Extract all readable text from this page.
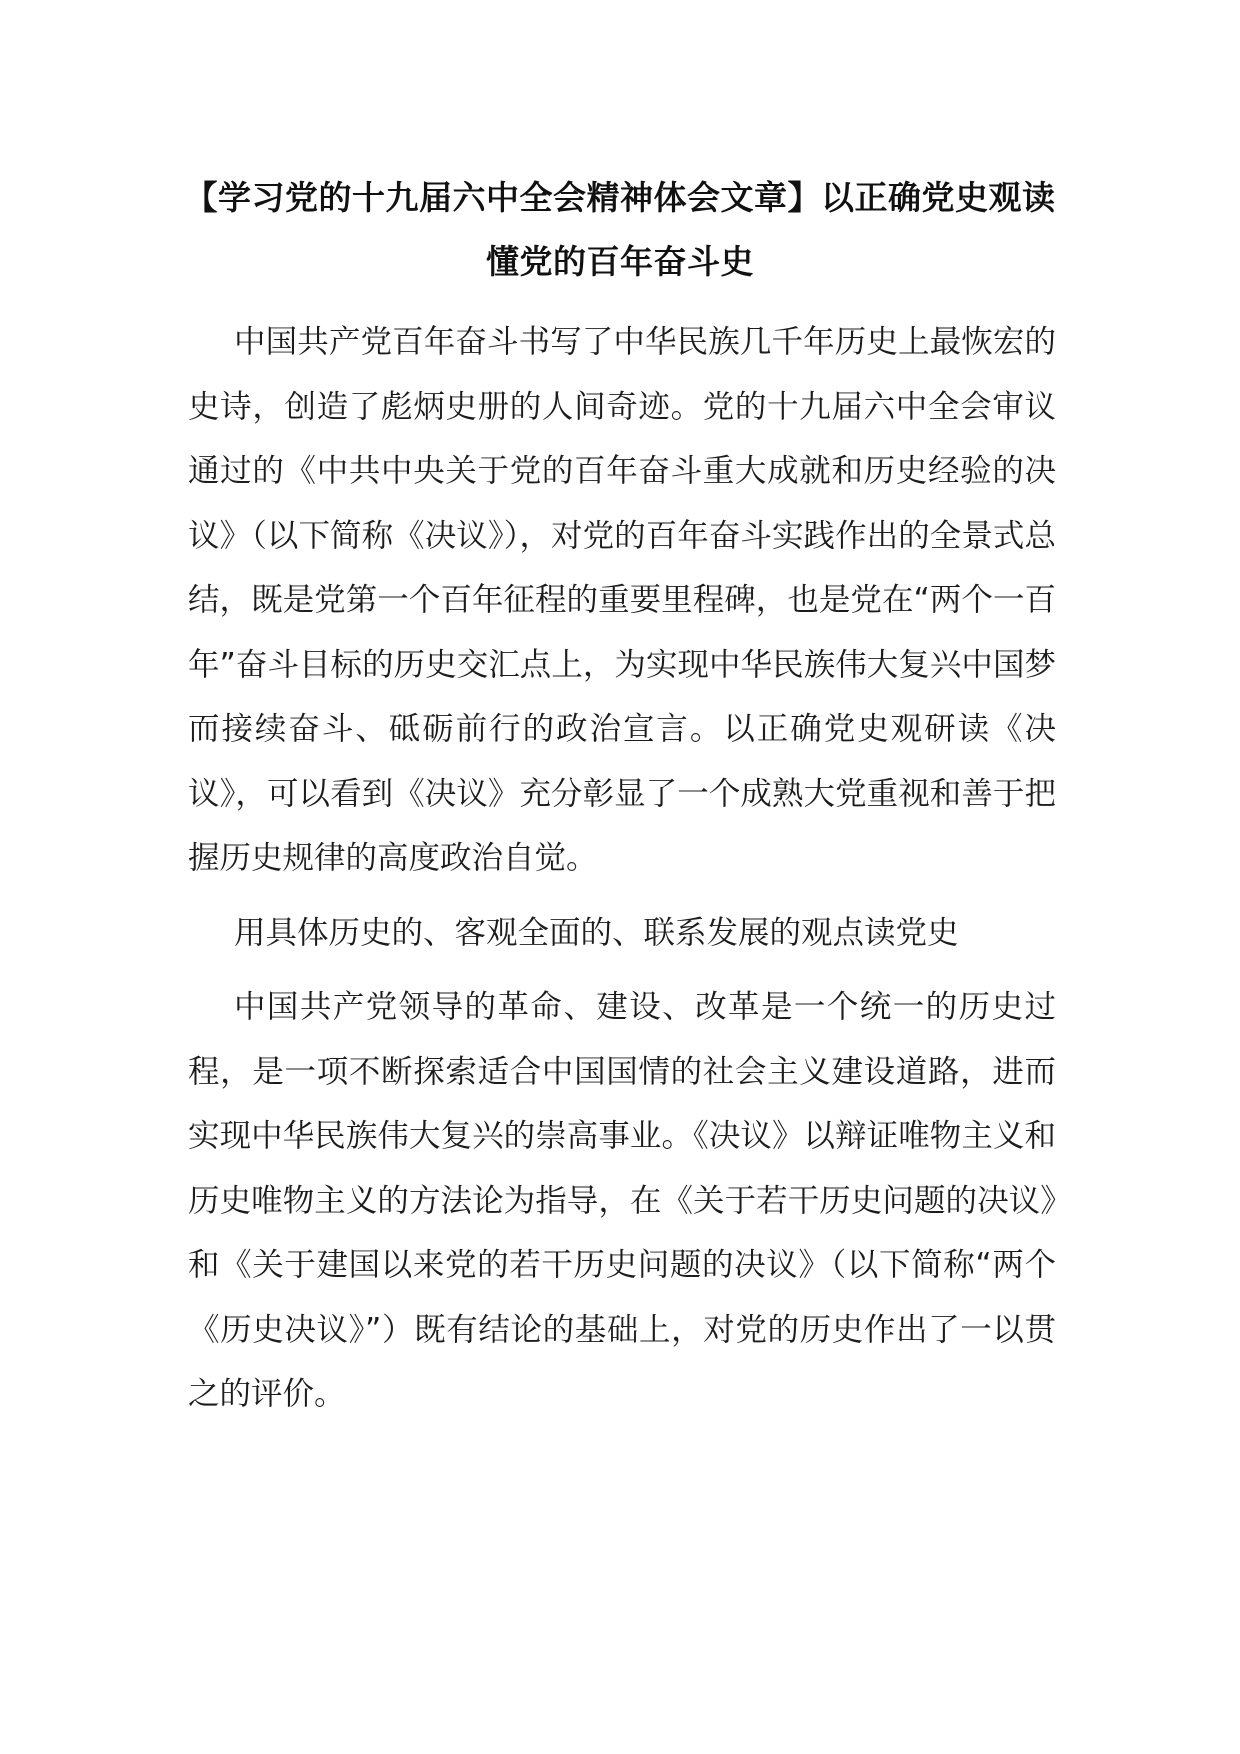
【学习党的十九届六中全会精神体会文章】以正确党史观读
懂党的百年奋斗史

中国共产党百年奋斗书写了中华民族几千年历史上最恢宏的史诗，创造了彪炳史册的人间奇迹。党的十九届六中全会审议通过的《中共中央关于党的百年奋斗重大成就和历史经验的决议》（以下简称《决议》），对党的百年奋斗实践作出的全景式总结，既是党第一个百年征程的重要里程碑，也是党在“两个一百年”奋斗目标的历史交汇点上，为实现中华民族伟大复兴中国梦而接续奋斗、砥砺前行的政治宣言。以正确党史观研读《决议》，可以看到《决议》充分彰显了一个成熟大党重视和善于把握历史规律的高度政治自觉。

用具体历史的、客观全面的、联系发展的观点读党史

中国共产党领导的革命、建设、改革是一个统一的历史过程，是一项不断探索适合中国国情的社会主义建设道路，进而实现中华民族伟大复兴的崇高事业。《决议》以辩证唯物主义和历史唯物主义的方法论为指导，在《关于若干历史问题的决议》和《关于建国以来党的若干历史问题的决议》（以下简称“两个《历史决议》”）既有结论的基础上，对党的历史作出了一以贯之的评价。
